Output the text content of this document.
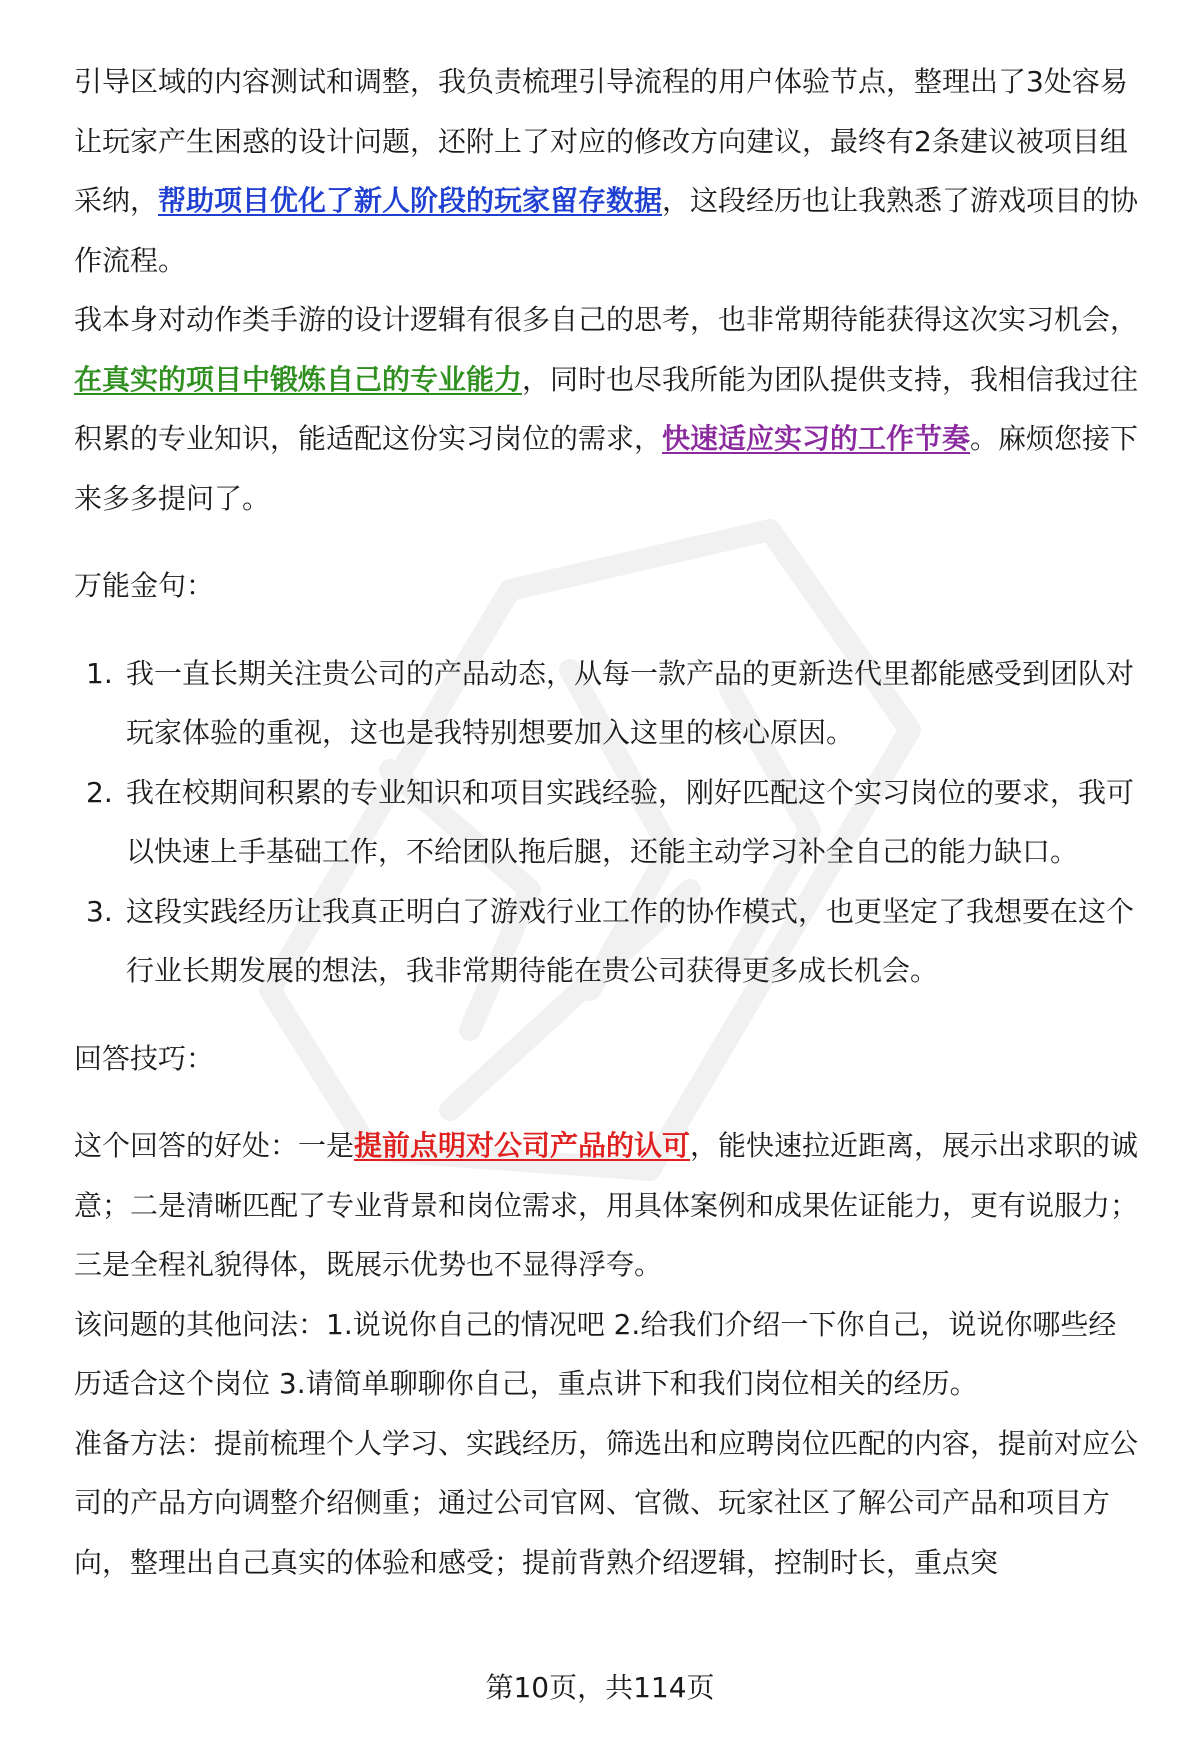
引导区域的内容测试和调整，我负责梳理引导流程的用户体验节点，整理出了3处容易让玩家产生困惑的设计问题，还附上了对应的修改方向建议，最终有2条建议被项目组采纳，帮助项目优化了新人阶段的玩家留存数据，这段经历也让我熟悉了游戏项目的协作流程。

我本身对动作类手游的设计逻辑有很多自己的思考，也非常期待能获得这次实习机会，在真实的项目中锻炼自己的专业能力，同时也尽我所能为团队提供支持，我相信我过往积累的专业知识，能适配这份实习岗位的需求，快速适应实习的工作节奏。麻烦您接下来多多提问了。

万能金句：

1. 我一直长期关注贵公司的产品动态，从每一款产品的更新迭代里都能感受到团队对玩家体验的重视，这也是我特别想要加入这里的核心原因。
2. 我在校期间积累的专业知识和项目实践经验，刚好匹配这个实习岗位的要求，我可以快速上手基础工作，不给团队拖后腿，还能主动学习补全自己的能力缺口。
3. 这段实践经历让我真正明白了游戏行业工作的协作模式，也更坚定了我想要在这个行业长期发展的想法，我非常期待能在贵公司获得更多成长机会。

回答技巧：

这个回答的好处：一是提前点明对公司产品的认可，能快速拉近距离，展示出求职的诚意；二是清晰匹配了专业背景和岗位需求，用具体案例和成果佐证能力，更有说服力；三是全程礼貌得体，既展示优势也不显得浮夸。

该问题的其他问法：1.说说你自己的情况吧 2.给我们介绍一下你自己，说说你哪些经历适合这个岗位 3.请简单聊聊你自己，重点讲下和我们岗位相关的经历。

准备方法：提前梳理个人学习、实践经历，筛选出和应聘岗位匹配的内容，提前对应公司的产品方向调整介绍侧重；通过公司官网、官微、玩家社区了解公司产品和项目方向，整理出自己真实的体验和感受；提前背熟介绍逻辑，控制时长，重点突

第10页，共114页
